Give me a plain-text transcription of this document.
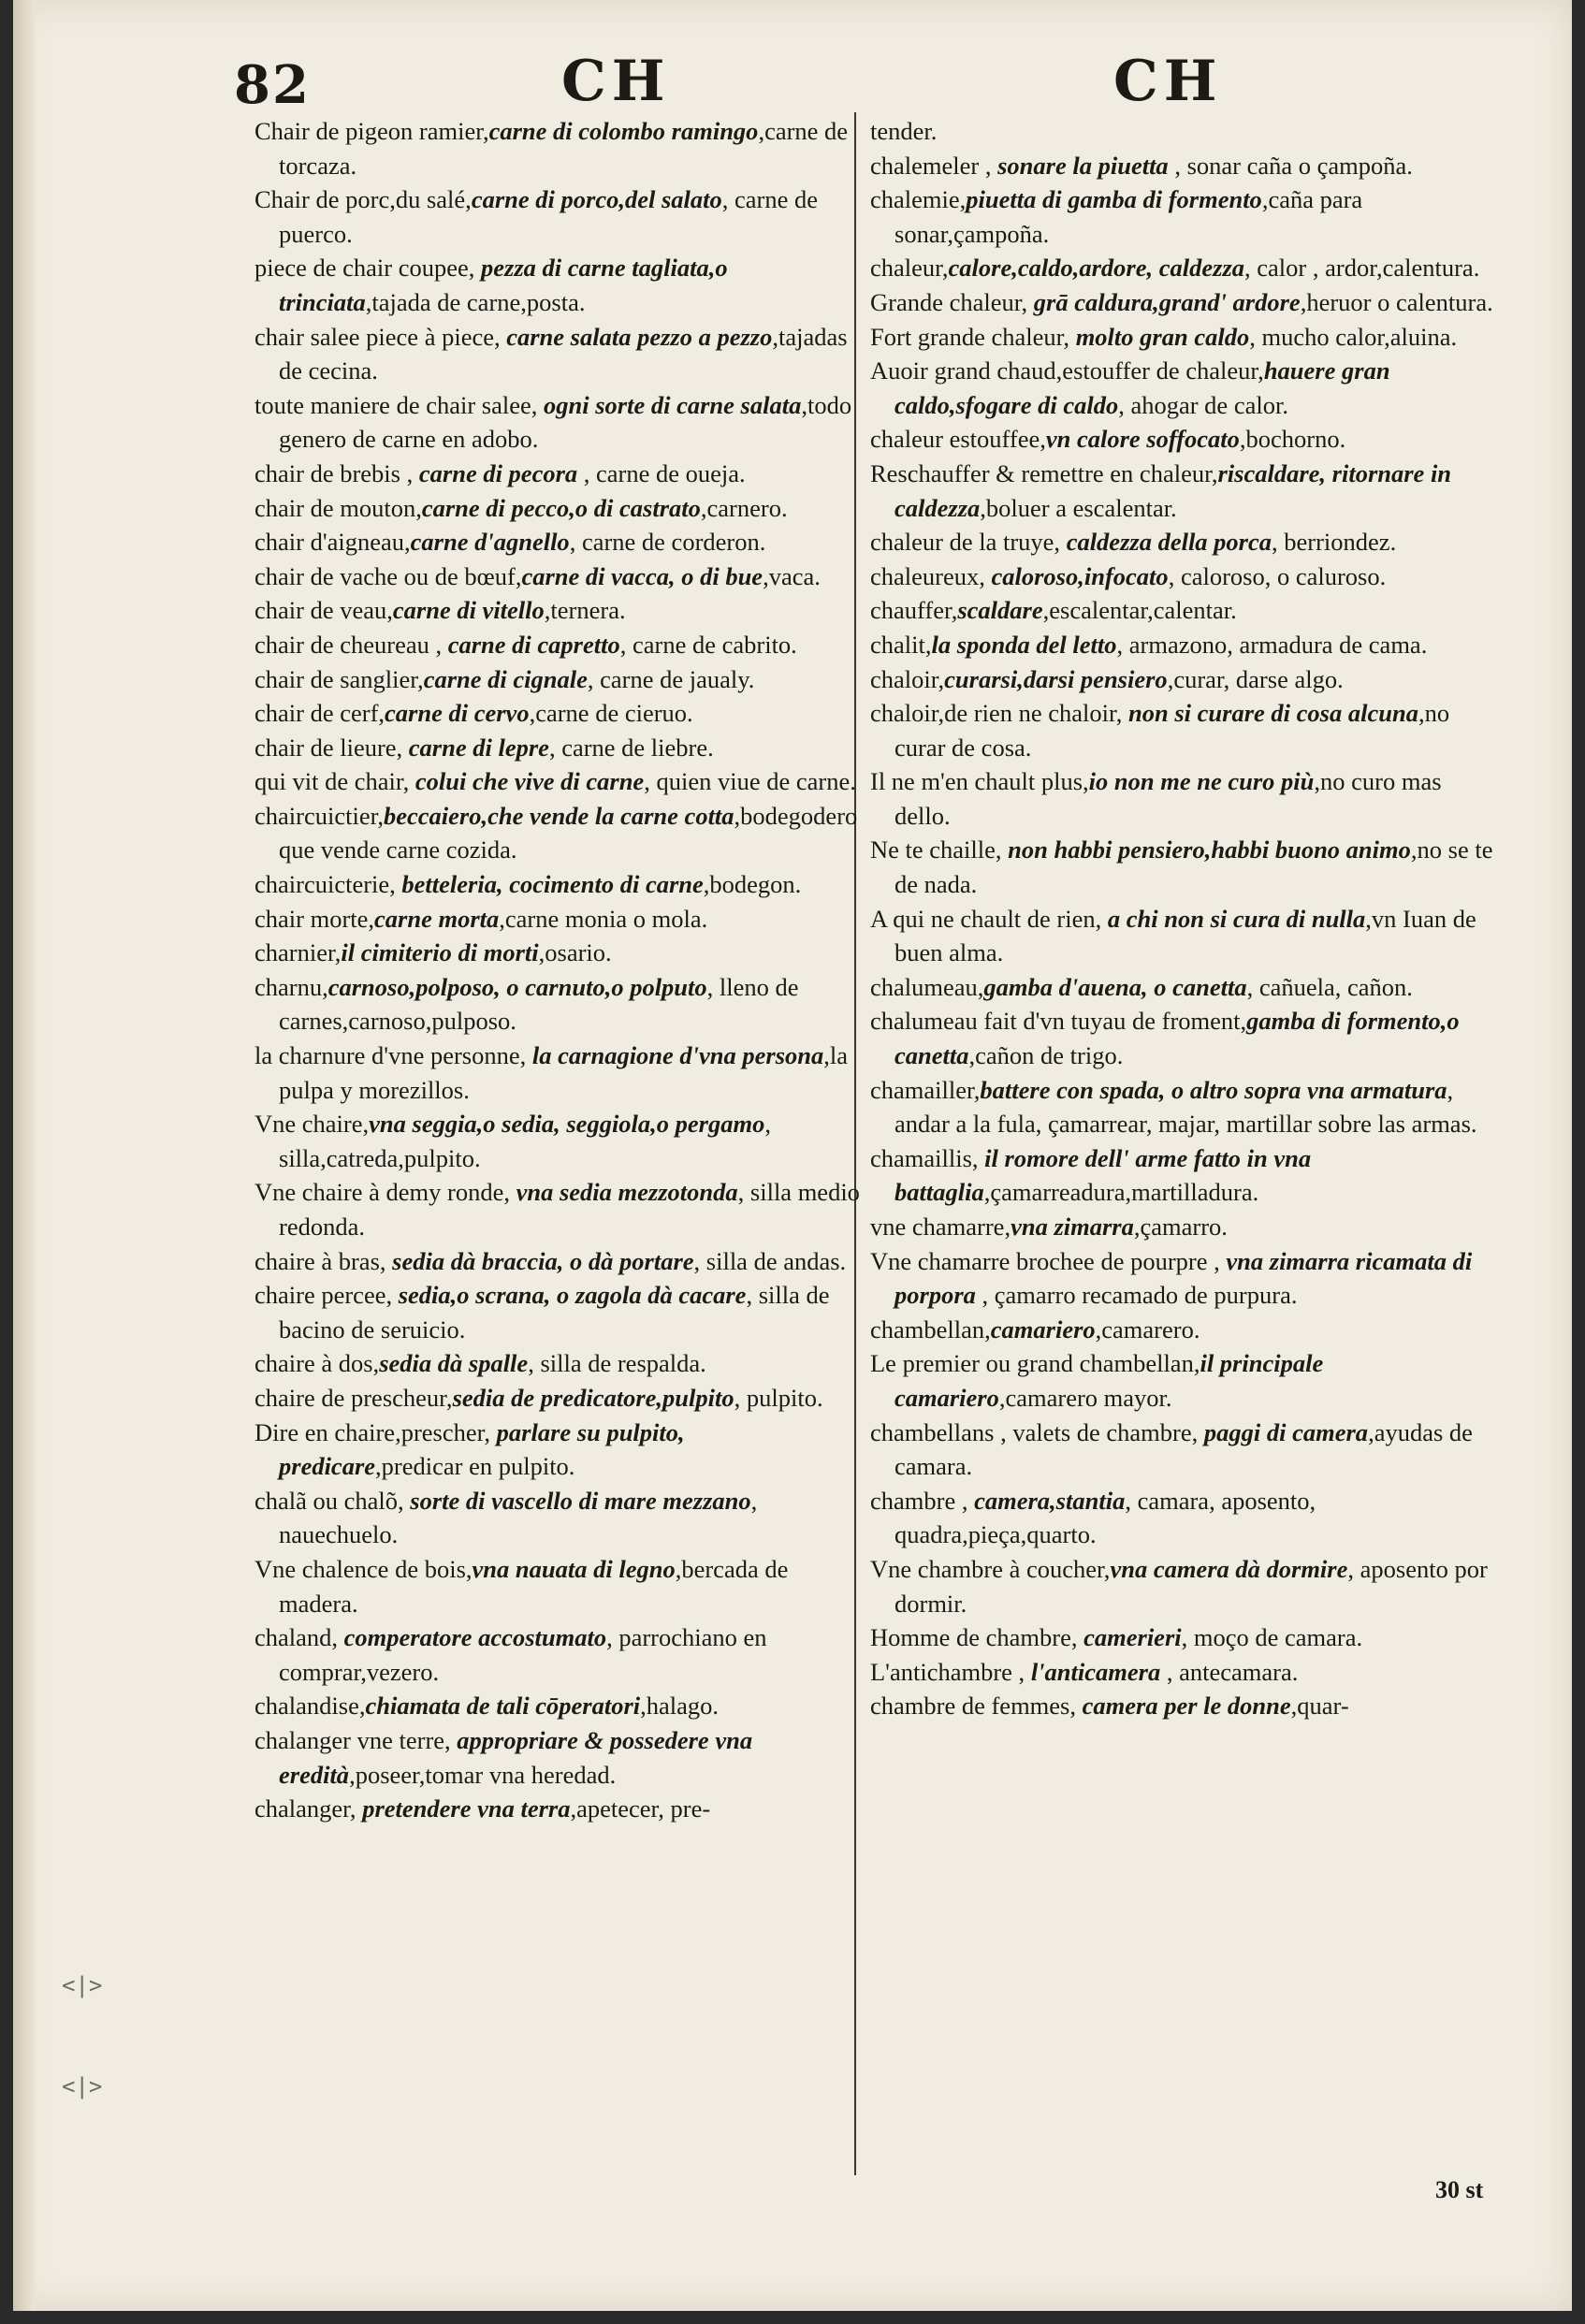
82	CH	CH
Chair de pigeon ramier,carne di colombo ramingo,carne de torcaza.
Chair de porc,du salé,carne di porco,del salato, carne de puerco.
piece de chair coupee, pezza di carne tagliata,o trinciata,tajada de carne,posta.
chair salee piece à piece, carne salata pezzo a pezzo,tajadas de cecina.
toute maniere de chair salee, ogni sorte di carne salata,todo genero de carne en adobo.
chair de brebis , carne di pecora , carne de oueja.
chair de mouton,carne di pecco,o di castrato,carnero.
chair d'aigneau,carne d'agnello, carne de corderon.
chair de vache ou de bœuf,carne di vacca, o di bue,vaca.
chair de veau,carne di vitello,ternera.
chair de cheureau , carne di capretto, carne de cabrito.
chair de sanglier,carne di cignale, carne de jaualy.
chair de cerf,carne di cervo,carne de cieruo.
chair de lieure, carne di lepre, carne de liebre.
qui vit de chair, colui che vive di carne, quien viue de carne.
chaircuictier,beccaiero,che vende la carne cotta,bodegodero que vende carne cozida.
chaircuicterie, betteleria, cocimento di carne,bodegon.
chair morte,carne morta,carne monia o mola.
charnier,il cimiterio di morti,osario.
charnu,carnoso,polposo, o carnuto,o polputo, lleno de carnes,carnoso,pulposo.
la charnure d'vne personne, la carnagione d'vna persona,la pulpa y morezillos.
Vne chaire,vna seggia,o sedia, seggiola,o pergamo, silla,catreda,pulpito.
Vne chaire à demy ronde, vna sedia mezzotonda, silla medio redonda.
chaire à bras, sedia dà braccia, o dà portare, silla de andas.
chaire percee, sedia,o scrana, o zagola dà cacare, silla de bacino de seruicio.
chaire à dos,sedia dà spalle, silla de respalda.
chaire de prescheur,sedia de predicatore,pulpito, pulpito.
Dire en chaire,prescher, parlare su pulpito, predicare,predicar en pulpito.
chalã ou chalõ, sorte di vascello di mare mezzano, nauechuelo.
Vne chalence de bois,vna nauata di legno,bercada de madera.
chaland, comperatore accostumato, parrochiano en comprar,vezero.
chalandise,chiamata de tali cōperatori,halago.
chalanger vne terre, appropriare & possedere vna eredità,poseer,tomar vna heredad.
chalanger, pretendere vna terra,apetecer, pre-
tender.
chalemeler , sonare la piuetta , sonar caña o çampoña.
chalemie,piuetta di gamba di formento,caña para sonar,çampoña.
chaleur,calore,caldo,ardore, caldezza, calor , ardor,calentura.
Grande chaleur, grā caldura,grand' ardore,heruor o calentura.
Fort grande chaleur, molto gran caldo, mucho calor,aluina.
Auoir grand chaud,estouffer de chaleur,hauere gran caldo,sfogare di caldo, ahogar de calor.
chaleur estouffee,vn calore soffocato,bochorno.
Reschauffer & remettre en chaleur,riscaldare, ritornare in caldezza,boluer a escalentar.
chaleur de la truye, caldezza della porca, berriondez.
chaleureux, caloroso,infocato, caloroso, o caluroso.
chauffer,scaldare,escalentar,calentar.
chalit,la sponda del letto, armazono, armadura de cama.
chaloir,curarsi,darsi pensiero,curar, darse algo.
chaloir,de rien ne chaloir, non si curare di cosa alcuna,no curar de cosa.
Il ne m'en chault plus,io non me ne curo più,no curo mas dello.
Ne te chaille, non habbi pensiero,habbi buono animo,no se te de nada.
A qui ne chault de rien, a chi non si cura di nulla,vn Iuan de buen alma.
chalumeau,gamba d'auena, o canetta, cañuela, cañon.
chalumeau fait d'vn tuyau de froment,gamba di formento,o canetta,cañon de trigo.
chamailler,battere con spada, o altro sopra vna armatura, andar a la fula, çamarrear, majar, martillar sobre las armas.
chamaillis, il romore dell' arme fatto in vna battaglia,çamarreadura,martilladura.
vne chamarre,vna zimarra,çamarro.
Vne chamarre brochee de pourpre , vna zimarra ricamata di porpora , çamarro recamado de purpura.
chambellan,camariero,camarero.
Le premier ou grand chambellan,il principale camariero,camarero mayor.
chambellans , valets de chambre, paggi di camera,ayudas de camara.
chambre , camera,stantia, camara, aposento, quadra,pieça,quarto.
Vne chambre à coucher,vna camera dà dormire, aposento por dormir.
Homme de chambre, camerieri, moço de camara.
L'antichambre , l'anticamera , antecamara.
chambre de femmes, camera per le donne,quar-
<|>
<|>
30 st
